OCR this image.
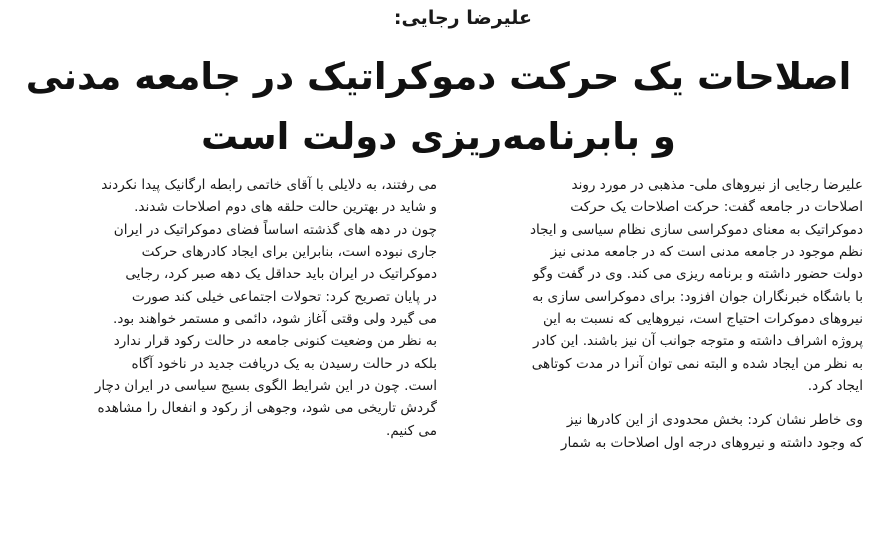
علیرضا رجایی:
اصلاحات یک حرکت دموکراتیک در جامعه مدنی
و بابرنامه‌ریزی دولت است
علیرضا رجایی از نیروهای ملی- مذهبی در مورد روند
اصلاحات در جامعه گفت: حرکت اصلاحات یک حرکت
دموکراتیک به معنای دموکراسی سازی نظام سیاسی و ایجاد
نظم موجود در جامعه مدنی است که در جامعه مدنی نیز
دولت حضور داشته و برنامه ریزی می کند. وی در گفت وگو
با باشگاه خبرنگاران جوان افزود: برای دموکراسی سازی به
نیروهای دموکرات احتیاج است، نیروهایی که نسبت به این
پروژه اشراف داشته و متوجه جوانب آن نیز باشند. این کادر
به نظر من ایجاد شده و البته نمی توان آنرا در مدت کوتاهی
ایجاد کرد.
وی خاطر نشان کرد: بخش محدودی از این کادرها نیز
که وجود داشته و نیروهای درجه اول اصلاحات به شمار
می رفتند، به دلایلی با آقای خاتمی رابطه ارگانیک پیدا نکردند
و شاید در بهترین حالت حلقه های دوم اصلاحات شدند.
چون در دهه های گذشته اساساً فضای دموکراتیک در ایران
جاری نبوده است، بنابراین برای ایجاد کادرهای حرکت
دموکراتیک در ایران باید حداقل یک دهه صبر کرد، رجایی
در پایان تصریح کرد: تحولات اجتماعی خیلی کند صورت
می گیرد ولی وقتی آغاز شود، دائمی و مستمر خواهند بود.
به نظر من وضعیت کنونی جامعه در حالت رکود قرار ندارد
بلکه در حالت رسیدن به یک دریافت جدید در ناخود آگاه
است. چون در این شرایط الگوی بسیج سیاسی در ایران دچار
گردش تاریخی می شود، وجوهی از رکود و انفعال را مشاهده
می کنیم.
